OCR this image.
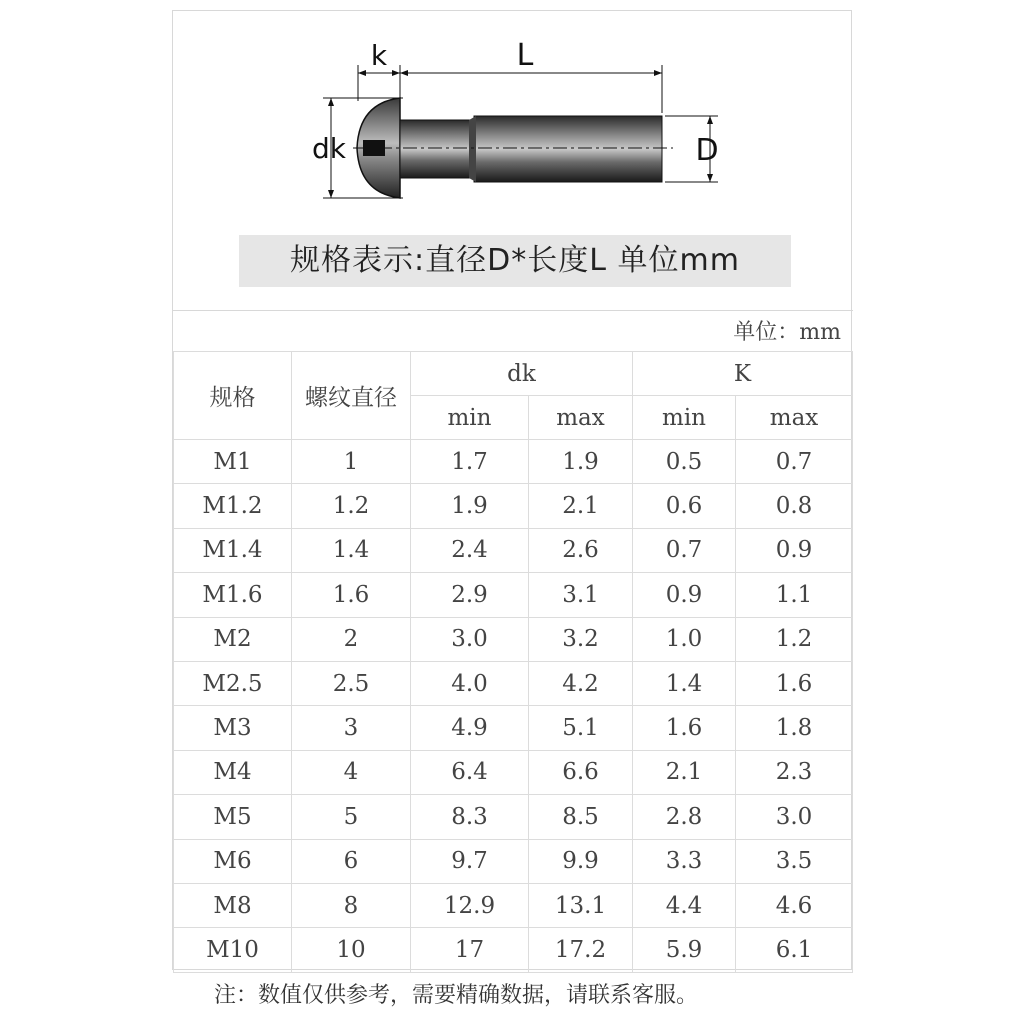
k	L
dk	D
规格表示:直径D*长度L 单位mm
单位：mm
规格	螺纹直径	dk		K	
		min	max	min	max
M1	1	1.7	1.9	0.5	0.7
M1.2	1.2	1.9	2.1	0.6	0.8
M1.4	1.4	2.4	2.6	0.7	0.9
M1.6	1.6	2.9	3.1	0.9	1.1
M2	2	3.0	3.2	1.0	1.2
M2.5	2.5	4.0	4.2	1.4	1.6
M3	3	4.9	5.1	1.6	1.8
M4	4	6.4	6.6	2.1	2.3
M5	5	8.3	8.5	2.8	3.0
M6	6	9.7	9.9	3.3	3.5
M8	8	12.9	13.1	4.4	4.6
M10	10	17	17.2	5.9	6.1
注：数值仅供参考，需要精确数据，请联系客服。
